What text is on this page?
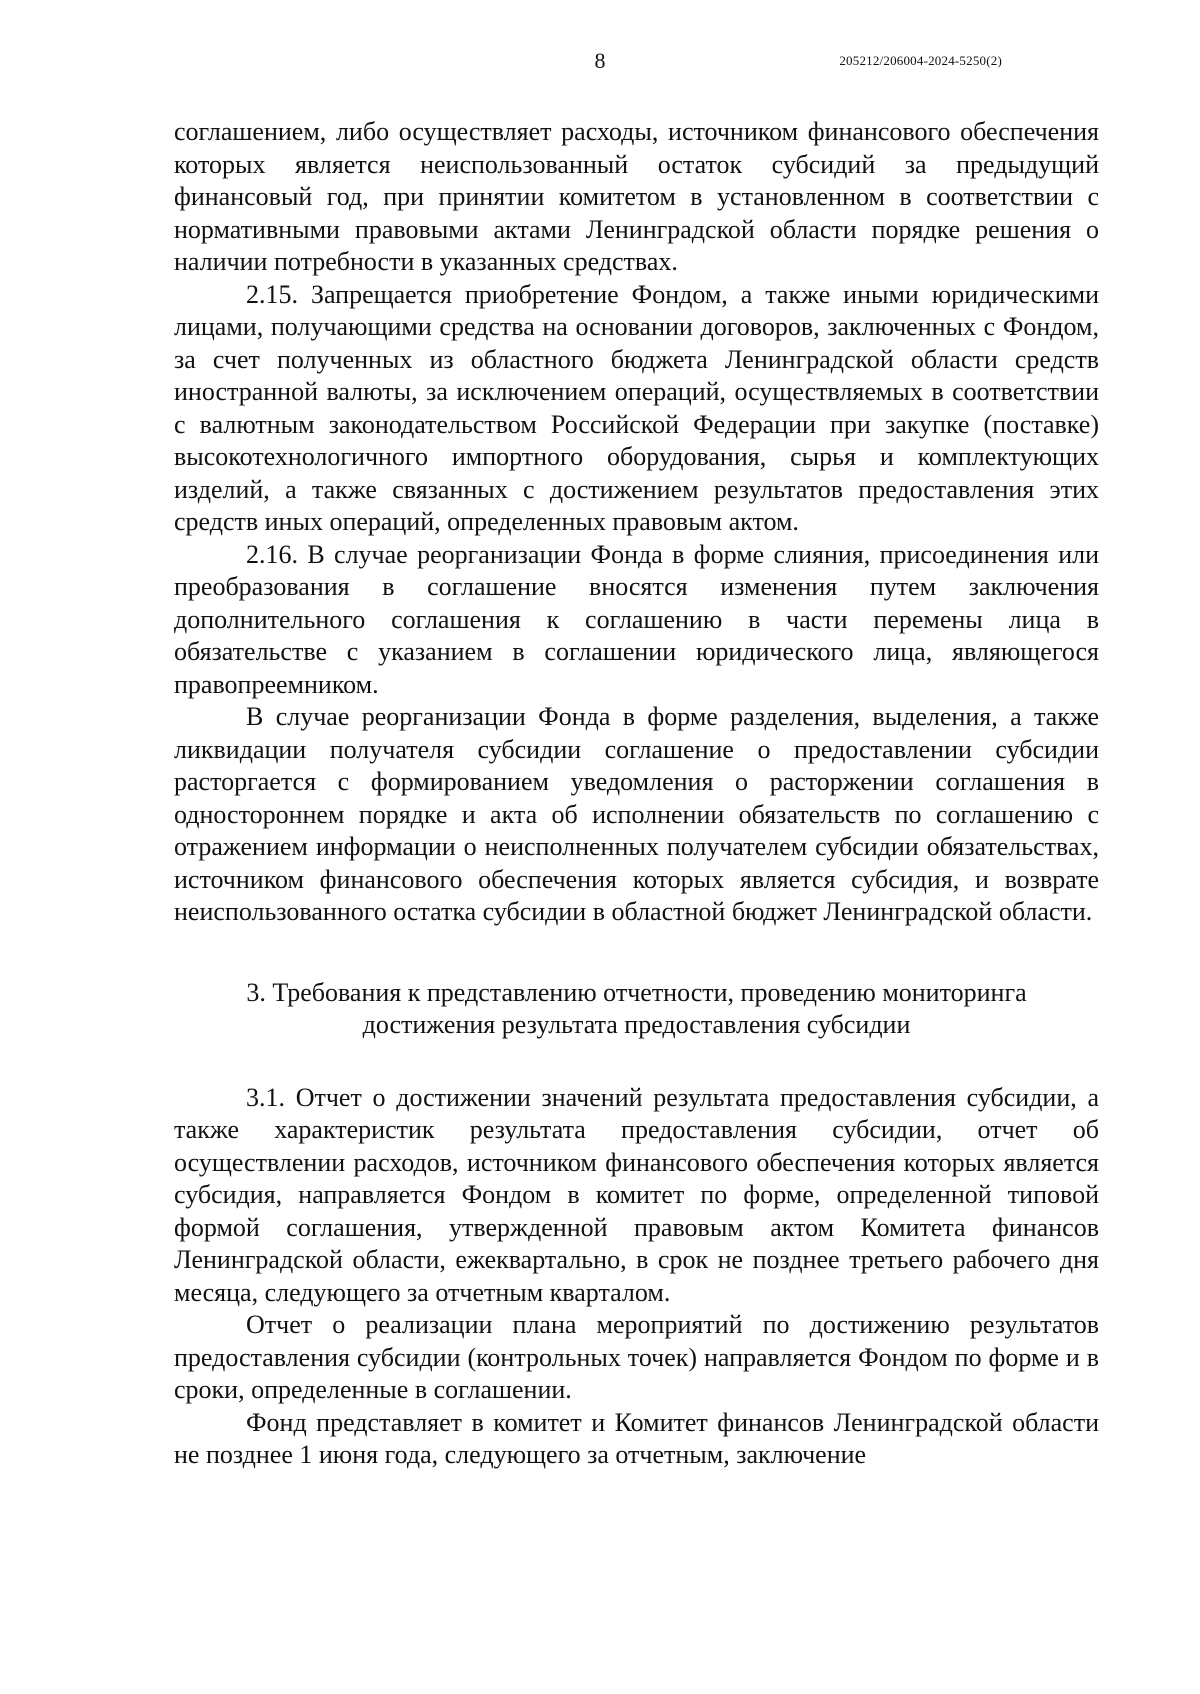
8	205212/206004-2024-5250(2)

соглашением, либо осуществляет расходы, источником финансового обеспечения которых является неиспользованный остаток субсидий за предыдущий финансовый год, при принятии комитетом в установленном в соответствии с нормативными правовыми актами Ленинградской области порядке решения о наличии потребности в указанных средствах.

2.15. Запрещается приобретение Фондом, а также иными юридическими лицами, получающими средства на основании договоров, заключенных с Фондом, за счет полученных из областного бюджета Ленинградской области средств иностранной валюты, за исключением операций, осуществляемых в соответствии с валютным законодательством Российской Федерации при закупке (поставке) высокотехнологичного импортного оборудования, сырья и комплектующих изделий, а также связанных с достижением результатов предоставления этих средств иных операций, определенных правовым актом.

2.16. В случае реорганизации Фонда в форме слияния, присоединения или преобразования в соглашение вносятся изменения путем заключения дополнительного соглашения к соглашению в части перемены лица в обязательстве с указанием в соглашении юридического лица, являющегося правопреемником.

В случае реорганизации Фонда в форме разделения, выделения, а также ликвидации получателя субсидии соглашение о предоставлении субсидии расторгается с формированием уведомления о расторжении соглашения в одностороннем порядке и акта об исполнении обязательств по соглашению с отражением информации о неисполненных получателем субсидии обязательствах, источником финансового обеспечения которых является субсидия, и возврате неиспользованного остатка субсидии в областной бюджет Ленинградской области.

3. Требования к представлению отчетности, проведению мониторинга
достижения результата предоставления субсидии

3.1. Отчет о достижении значений результата предоставления субсидии, а также характеристик результата предоставления субсидии, отчет об осуществлении расходов, источником финансового обеспечения которых является субсидия, направляется Фондом в комитет по форме, определенной типовой формой соглашения, утвержденной правовым актом Комитета финансов Ленинградской области, ежеквартально, в срок не позднее третьего рабочего дня месяца, следующего за отчетным кварталом.

Отчет о реализации плана мероприятий по достижению результатов предоставления субсидии (контрольных точек) направляется Фондом по форме и в сроки, определенные в соглашении.

Фонд представляет в комитет и Комитет финансов Ленинградской области не позднее 1 июня года, следующего за отчетным, заключение
